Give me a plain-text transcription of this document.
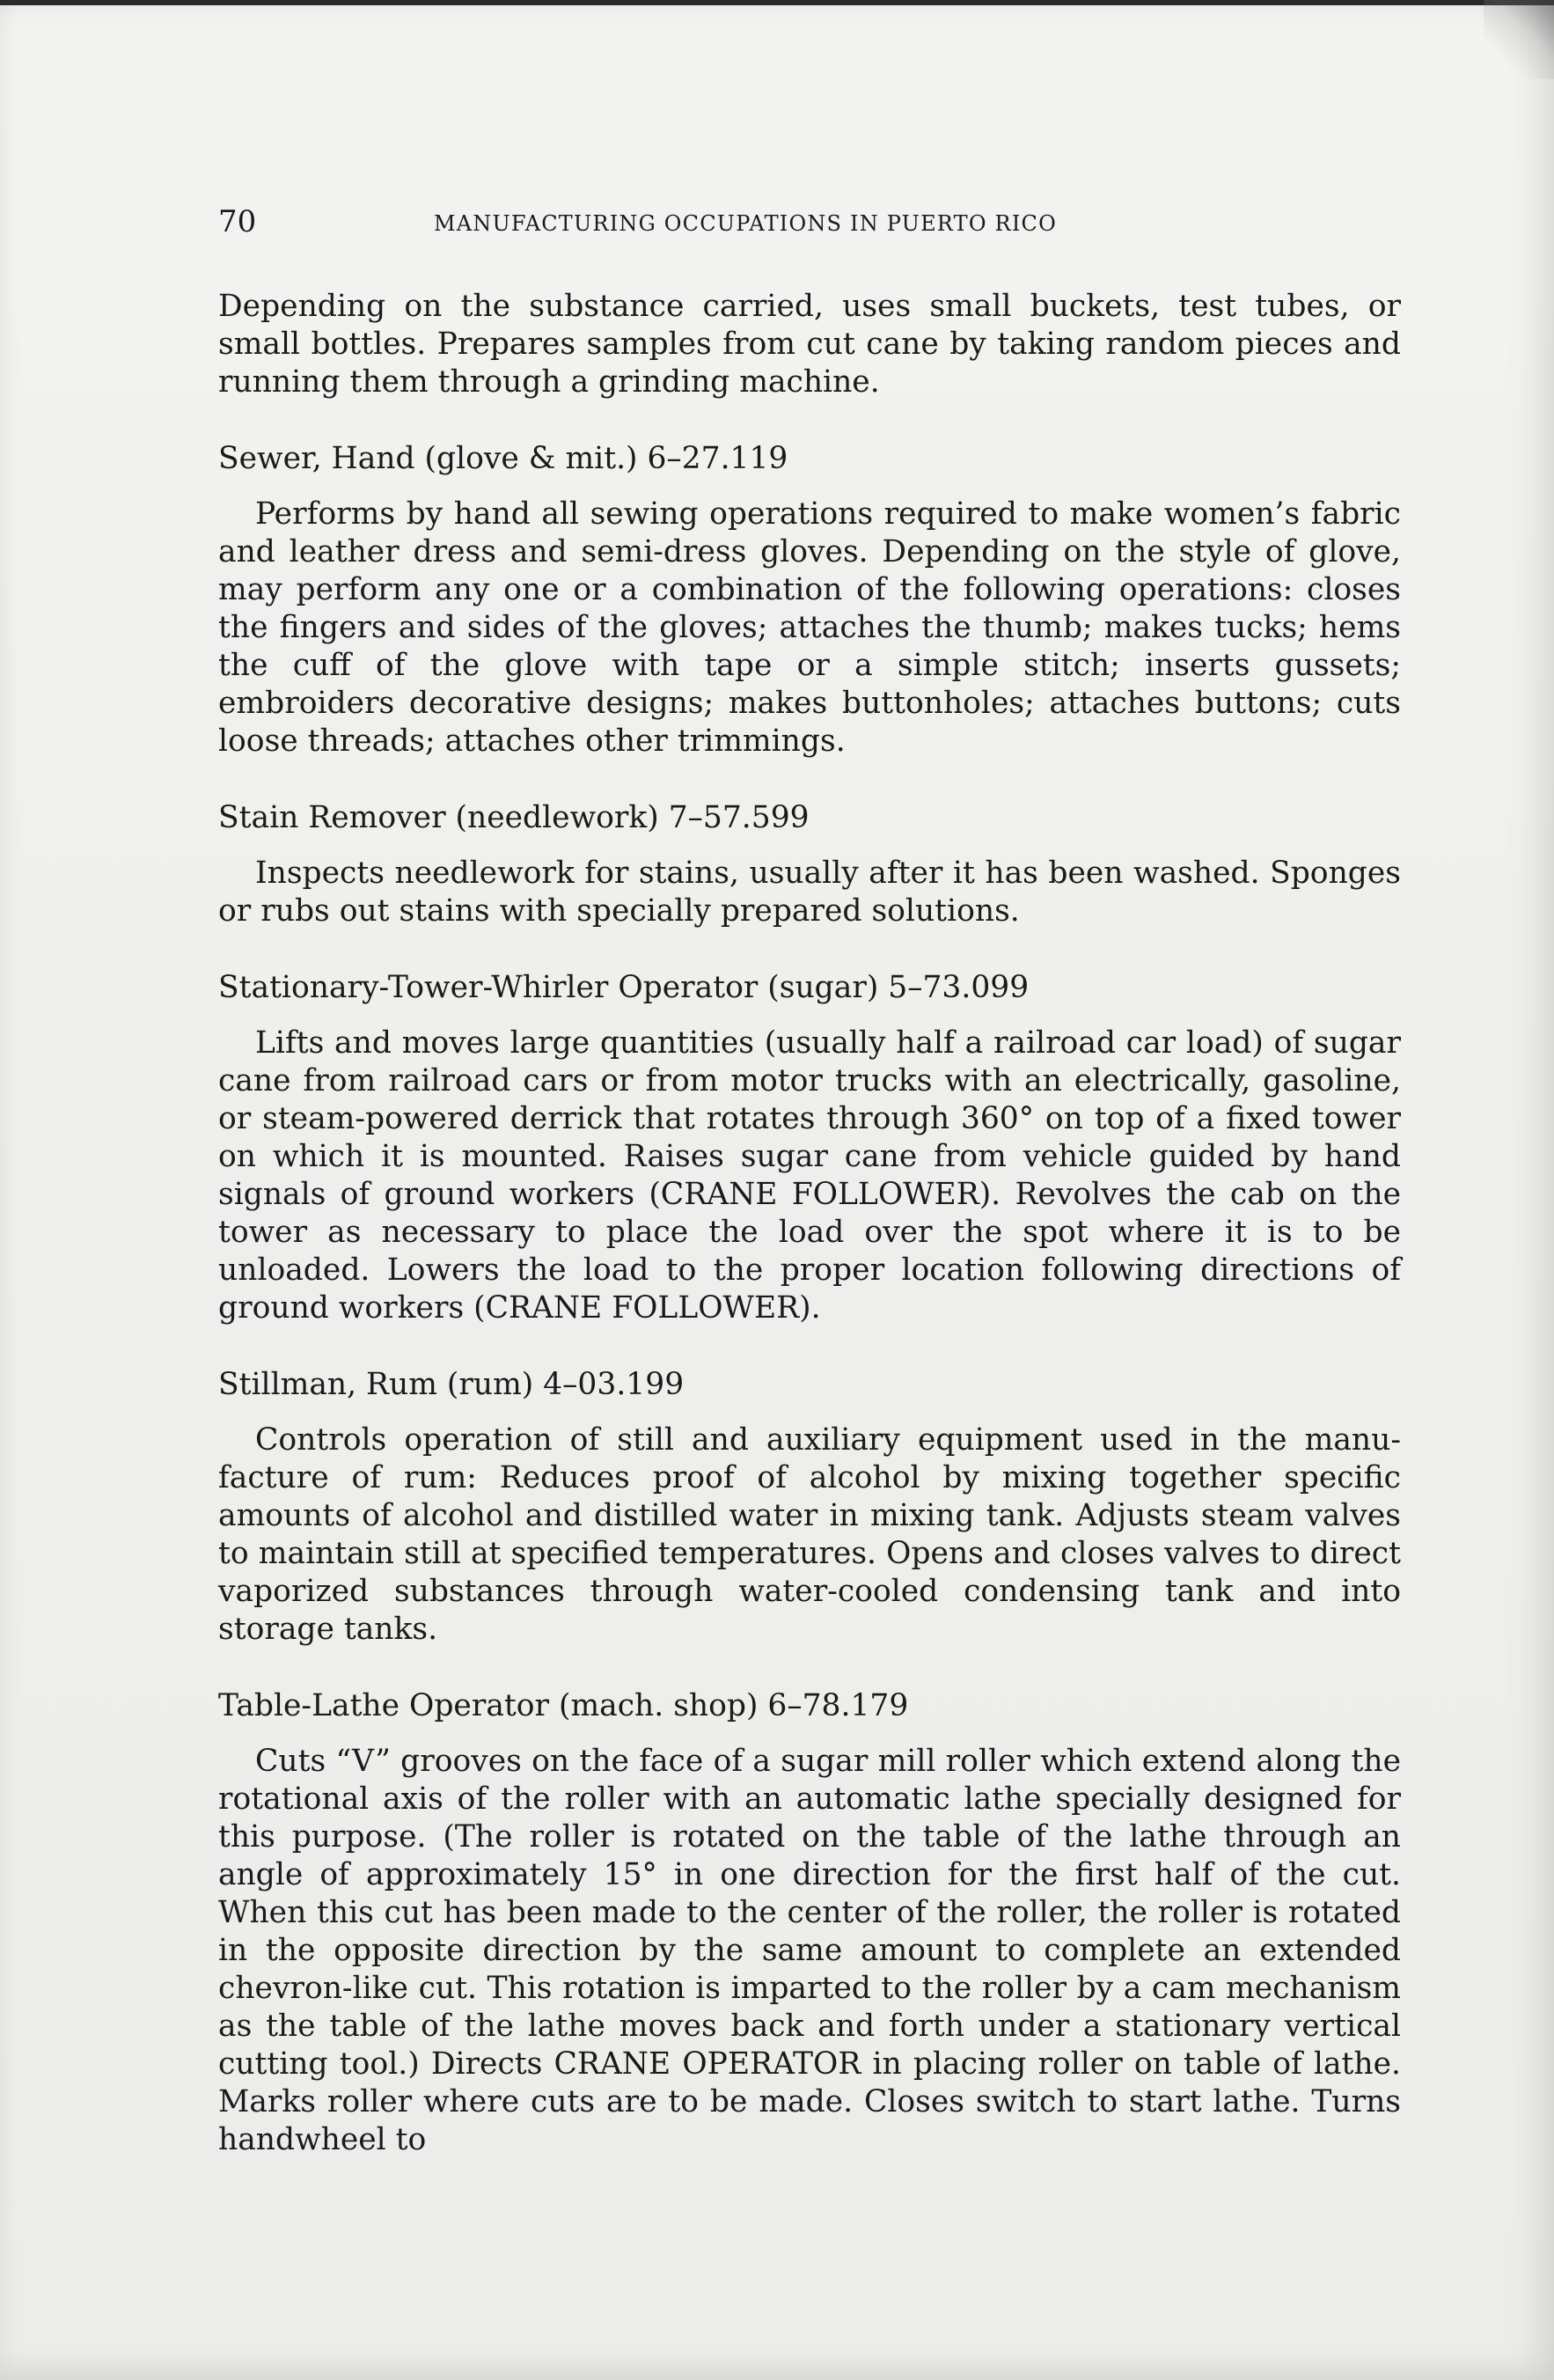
70	MANUFACTURING OCCUPATIONS IN PUERTO RICO

Depending on the substance carried, uses small buckets, test tubes, or small bottles. Prepares samples from cut cane by taking random pieces and running them through a grinding machine.

Sewer, Hand (glove & mit.) 6–27.119

Performs by hand all sewing operations required to make women’s fabric and leather dress and semi-dress gloves. Depending on the style of glove, may perform any one or a combination of the following operations: closes the fingers and sides of the gloves; attaches the thumb; makes tucks; hems the cuff of the glove with tape or a simple stitch; inserts gussets; embroiders decorative designs; makes buttonholes; attaches buttons; cuts loose threads; attaches other trimmings.

Stain Remover (needlework) 7–57.599

Inspects needlework for stains, usually after it has been washed. Sponges or rubs out stains with specially prepared solutions.

Stationary-Tower-Whirler Operator (sugar) 5–73.099

Lifts and moves large quantities (usually half a railroad car load) of sugar cane from railroad cars or from motor trucks with an electrically, gasoline, or steam-powered derrick that rotates through 360° on top of a fixed tower on which it is mounted. Raises sugar cane from vehicle guided by hand signals of ground workers (CRANE FOLLOWER). Revolves the cab on the tower as necessary to place the load over the spot where it is to be unloaded. Lowers the load to the proper location following directions of ground workers (CRANE FOLLOWER).

Stillman, Rum (rum) 4–03.199

Controls operation of still and auxiliary equipment used in the manufacture of rum: Reduces proof of alcohol by mixing together specific amounts of alcohol and distilled water in mixing tank. Adjusts steam valves to maintain still at specified temperatures. Opens and closes valves to direct vaporized substances through water-cooled condensing tank and into storage tanks.

Table-Lathe Operator (mach. shop) 6–78.179

Cuts “V” grooves on the face of a sugar mill roller which extend along the rotational axis of the roller with an automatic lathe specially designed for this purpose. (The roller is rotated on the table of the lathe through an angle of approximately 15° in one direction for the first half of the cut. When this cut has been made to the center of the roller, the roller is rotated in the opposite direction by the same amount to complete an extended chevron-like cut. This rotation is imparted to the roller by a cam mechanism as the table of the lathe moves back and forth under a stationary vertical cutting tool.) Directs CRANE OPERATOR in placing roller on table of lathe. Marks roller where cuts are to be made. Closes switch to start lathe. Turns handwheel to
